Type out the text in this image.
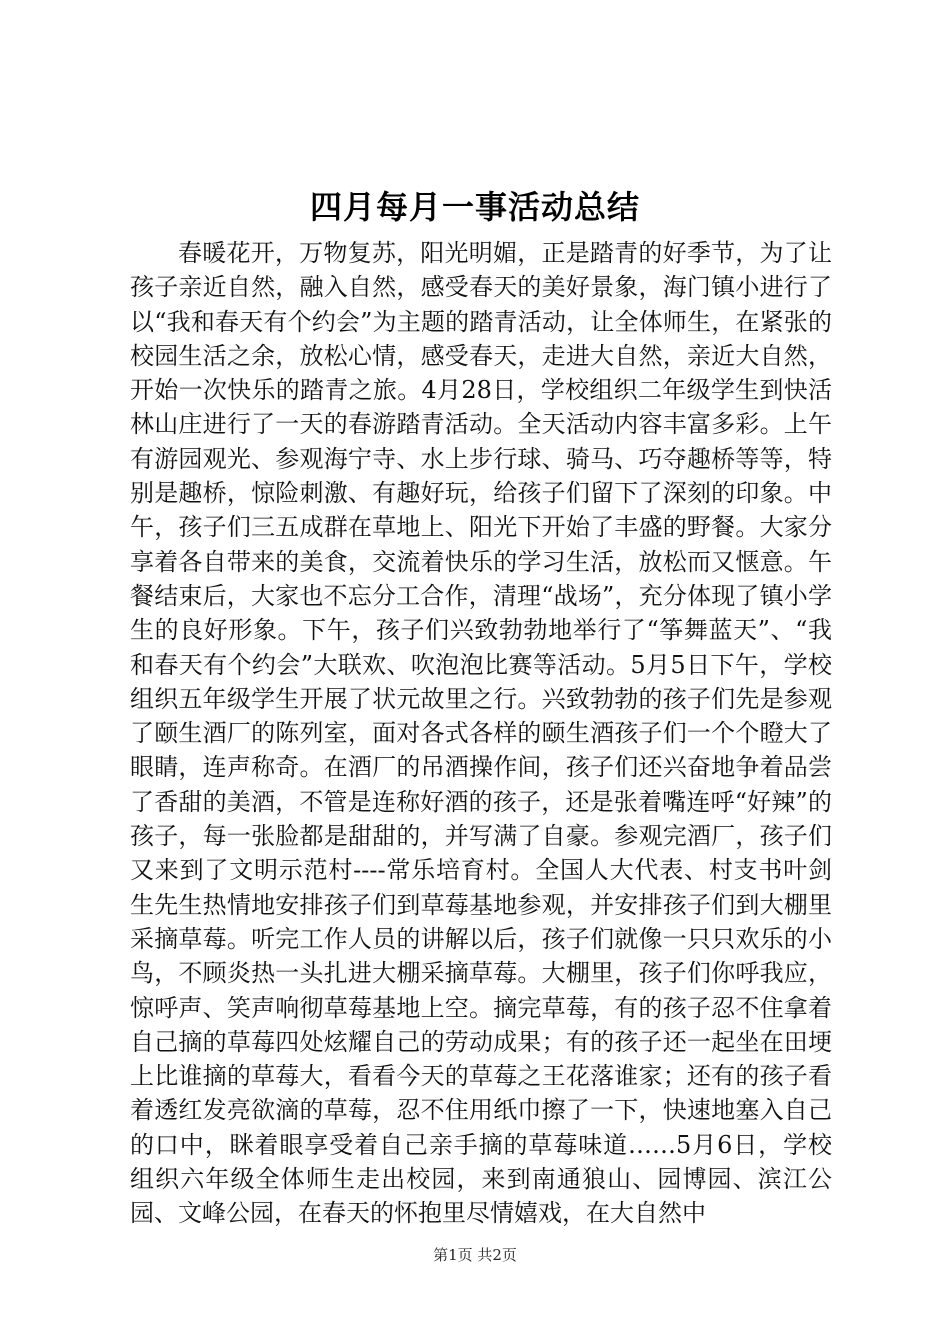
四月每月一事活动总结

春暖花开，万物复苏，阳光明媚，正是踏青的好季节，为了让孩子亲近自然，融入自然，感受春天的美好景象，海门镇小进行了以“我和春天有个约会”为主题的踏青活动，让全体师生，在紧张的校园生活之余，放松心情，感受春天，走进大自然，亲近大自然，开始一次快乐的踏青之旅。4月28日，学校组织二年级学生到快活林山庄进行了一天的春游踏青活动。全天活动内容丰富多彩。上午有游园观光、参观海宁寺、水上步行球、骑马、巧夺趣桥等等，特别是趣桥，惊险刺激、有趣好玩，给孩子们留下了深刻的印象。中午，孩子们三五成群在草地上、阳光下开始了丰盛的野餐。大家分享着各自带来的美食，交流着快乐的学习生活，放松而又惬意。午餐结束后，大家也不忘分工合作，清理“战场”，充分体现了镇小学生的良好形象。下午，孩子们兴致勃勃地举行了“筝舞蓝天”、“我和春天有个约会”大联欢、吹泡泡比赛等活动。5月5日下午，学校组织五年级学生开展了状元故里之行。兴致勃勃的孩子们先是参观了颐生酒厂的陈列室，面对各式各样的颐生酒孩子们一个个瞪大了眼睛，连声称奇。在酒厂的吊酒操作间，孩子们还兴奋地争着品尝了香甜的美酒，不管是连称好酒的孩子，还是张着嘴连呼“好辣”的孩子，每一张脸都是甜甜的，并写满了自豪。参观完酒厂，孩子们又来到了文明示范村----常乐培育村。全国人大代表、村支书叶剑生先生热情地安排孩子们到草莓基地参观，并安排孩子们到大棚里采摘草莓。听完工作人员的讲解以后，孩子们就像一只只欢乐的小鸟，不顾炎热一头扎进大棚采摘草莓。大棚里，孩子们你呼我应，惊呼声、笑声响彻草莓基地上空。摘完草莓，有的孩子忍不住拿着自己摘的草莓四处炫耀自己的劳动成果；有的孩子还一起坐在田埂上比谁摘的草莓大，看看今天的草莓之王花落谁家；还有的孩子看着透红发亮欲滴的草莓，忍不住用纸巾擦了一下，快速地塞入自己的口中，眯着眼享受着自己亲手摘的草莓味道……5月6日，学校组织六年级全体师生走出校园，来到南通狼山、园博园、滨江公园、文峰公园，在春天的怀抱里尽情嬉戏，在大自然中

第1页 共2页
